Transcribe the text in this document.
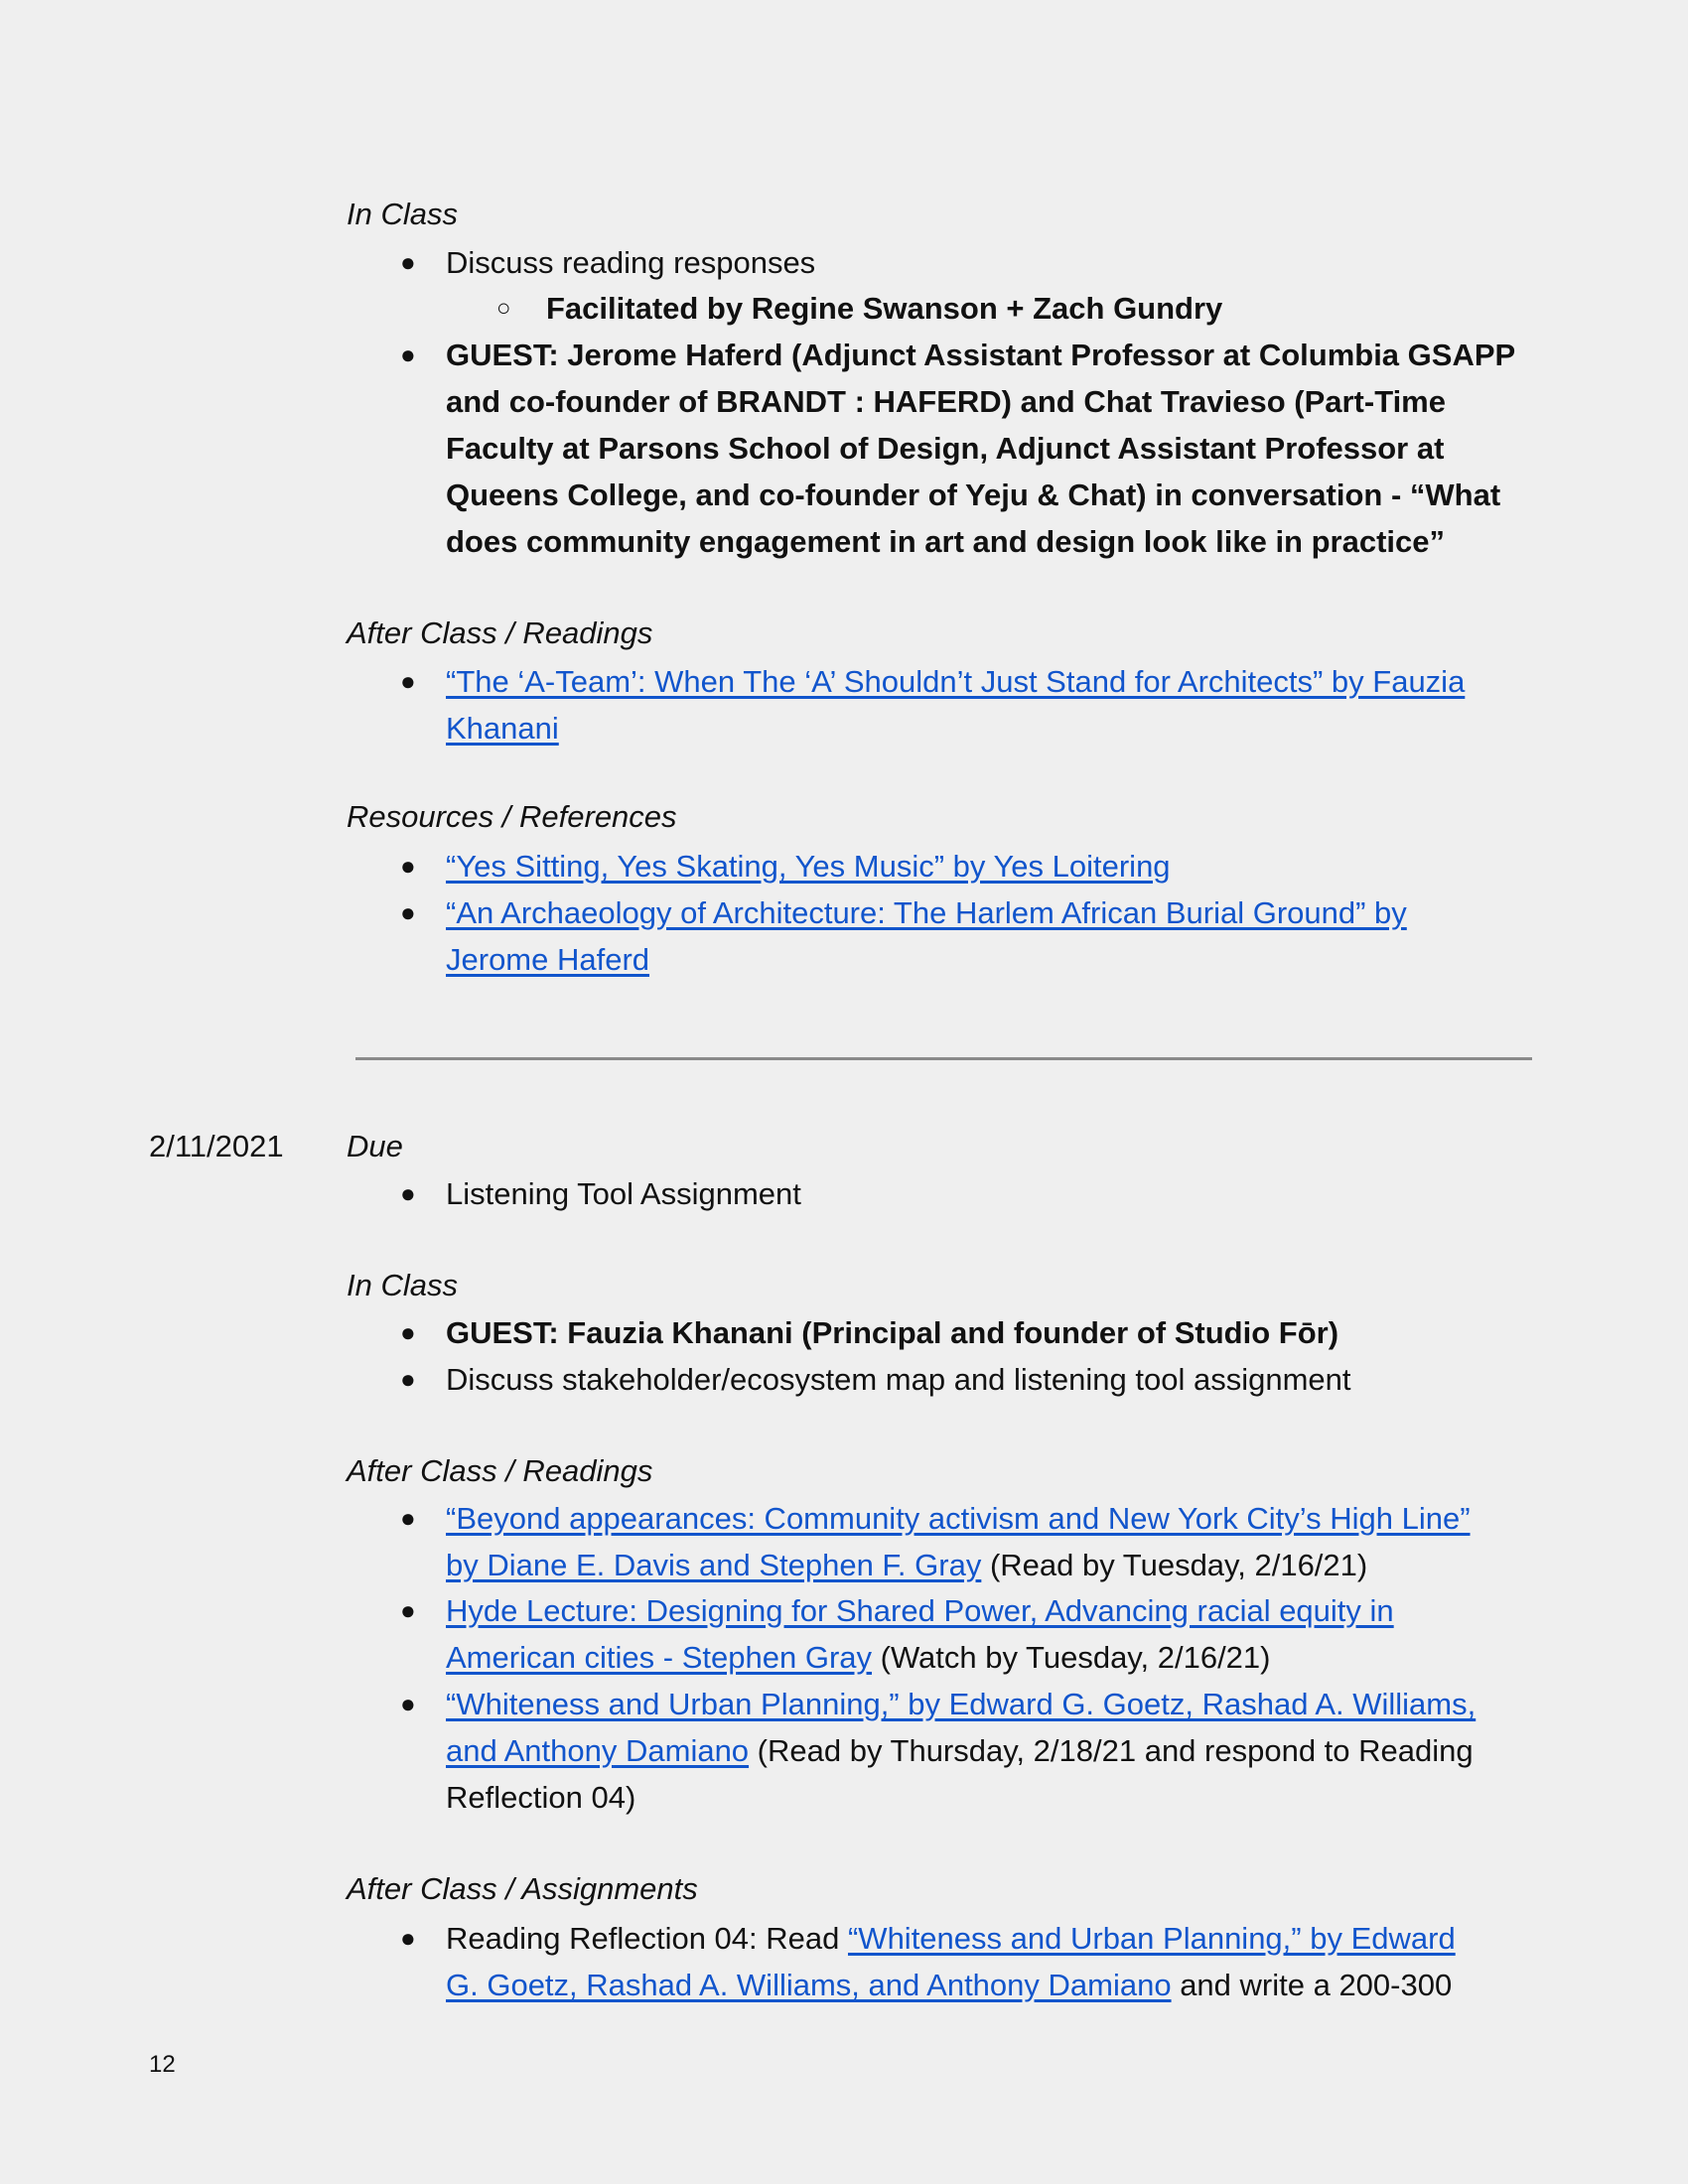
In Class
● Discuss reading responses
○ Facilitated by Regine Swanson + Zach Gundry
● GUEST: Jerome Haferd (Adjunct Assistant Professor at Columbia GSAPP
and co-founder of BRANDT : HAFERD) and Chat Travieso (Part-Time
Faculty at Parsons School of Design, Adjunct Assistant Professor at
Queens College, and co-founder of Yeju & Chat) in conversation - “What
does community engagement in art and design look like in practice”
After Class / Readings
● “The ‘A-Team’: When The ‘A’ Shouldn’t Just Stand for Architects” by Fauzia
Khanani
Resources / References
● “Yes Sitting, Yes Skating, Yes Music” by Yes Loitering
● “An Archaeology of Architecture: The Harlem African Burial Ground” by
Jerome Haferd
2/11/2021 Due
● Listening Tool Assignment
In Class
● GUEST: Fauzia Khanani (Principal and founder of Studio Fōr)
● Discuss stakeholder/ecosystem map and listening tool assignment
After Class / Readings
● “Beyond appearances: Community activism and New York City’s High Line”
by Diane E. Davis and Stephen F. Gray (Read by Tuesday, 2/16/21)
● Hyde Lecture: Designing for Shared Power, Advancing racial equity in
American cities - Stephen Gray (Watch by Tuesday, 2/16/21)
● “Whiteness and Urban Planning,” by Edward G. Goetz, Rashad A. Williams,
and Anthony Damiano (Read by Thursday, 2/18/21 and respond to Reading
Reflection 04)
After Class / Assignments
● Reading Reflection 04: Read “Whiteness and Urban Planning,” by Edward
G. Goetz, Rashad A. Williams, and Anthony Damiano and write a 200-300
12
